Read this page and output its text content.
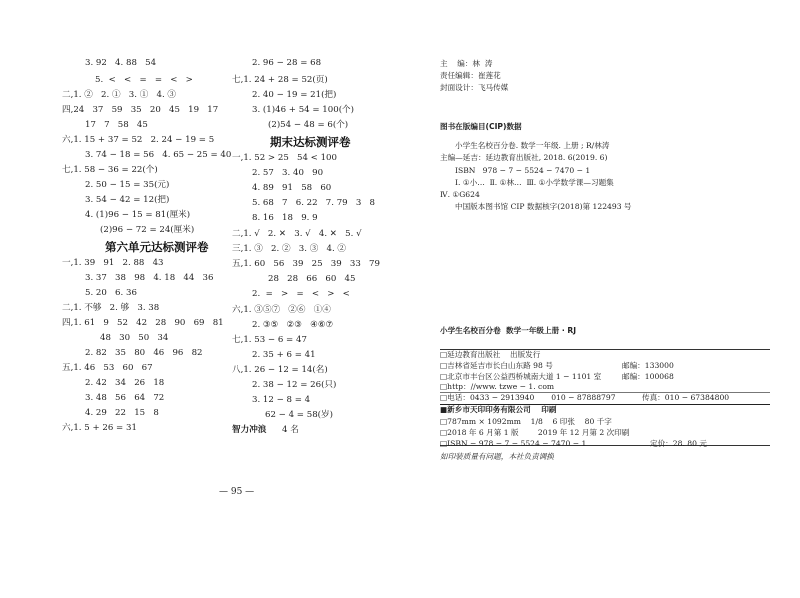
3. 92   4. 88   54
5.  <   <   =   =   <   >
二,1. ②   2. ①   3. ①   4. ③
四,24   37   59   35   20   45   19   17
17   7   58   45
六,1. 15 + 37 = 52   2. 24 − 19 = 5
3. 74 − 18 = 56   4. 65 − 25 = 40
七,1. 58 − 36 = 22(个)
2. 50 − 15 = 35(元)
3. 54 − 42 = 12(把)
4. (1)96 − 15 = 81(厘米)
(2)96 − 72 = 24(厘米)
第六单元达标测评卷
一,1. 39   91   2. 88   43
3. 37   38   98   4. 18   44   36
5. 20   6. 36
二,1. 不够   2. 够   3. 38
四,1. 61   9   52   42   28   90   69   81
48   30   50   34
2. 82   35   80   46   96   82
五,1. 46   53   60   67
2. 42   34   26   18
3. 48   56   64   72
4. 29   22   15   8
六,1. 5 + 26 = 31
2. 96 − 28 = 68
七,1. 24 + 28 = 52(页)
2. 40 − 19 = 21(把)
3. (1)46 + 54 = 100(个)
(2)54 − 48 = 6(个)
期末达标测评卷
一,1. 52 > 25   54 < 100
2. 57   3. 40   90
4. 89   91   58   60
5. 68   7   6. 22   7. 79   3   8
8. 16   18   9. 9
二,1. √   2. ✕   3. √   4. ✕   5. √
三,1. ③   2. ②   3. ③   4. ②
五,1. 60   56   39   25   39   33   79
28   28   66   60   45
2.  =   >   =   <   >   <
六,1. ③⑤⑦   ②⑥   ①④
2. ③⑤   ②③   ④⑥⑦
七,1. 53 − 6 = 47
2. 35 + 6 = 41
八,1. 26 − 12 = 14(名)
2. 38 − 12 = 26(只)
3. 12 − 8 = 4
62 − 4 = 58(岁)
智力冲浪 4 名
— 95 —
主    编：林  涛
责任编辑：崔莲花
封面设计：飞马传媒
图书在版编目(CIP)数据
小学生名校百分卷. 数学一年级. 上册 ; R/林涛
主编—延吉：延边教育出版社, 2018. 6(2019. 6)
ISBN   978 − 7 − 5524 − 7470 − 1
Ⅰ. ①小…  Ⅱ. ①林…  Ⅲ. ①小学数学课—习题集
Ⅳ. ①G624
中国版本图书馆 CIP 数据核字(2018)第 122493 号
小学生名校百分卷  数学一年级上册 · RJ
□延边教育出版社    出版发行
□吉林省延吉市长白山东路 98 号	邮编：133000
□北京市丰台区公益西桥城南大道 1 − 1101 室	邮编：100068
□http：//www. tzwe − 1. com
□电话：0433 − 2913940       010 − 87888797	传真：010 − 67384800
■新乡市天印印务有限公司    印刷
□787mm × 1092mm    1/8    6 印张    80 千字
□2018 年 6 月第 1 版        2019 年 12 月第 2 次印刷
□ISBN − 978 − 7 − 5524 − 7470 − 1	定价：28. 80 元
如印装质量有问题，本社负责调换
